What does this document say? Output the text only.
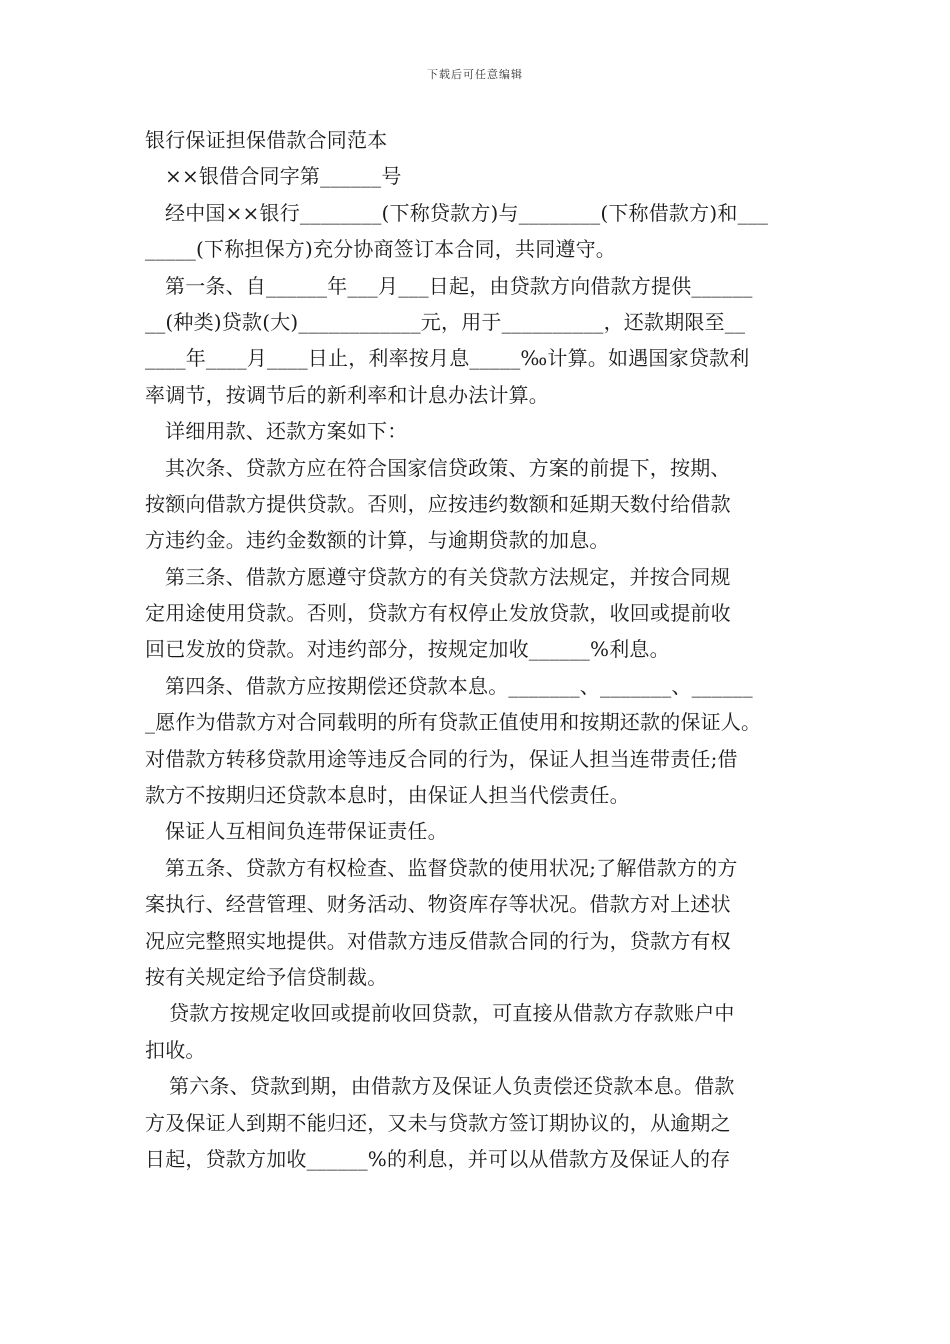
下载后可任意编辑
银行保证担保借款合同范本
××银借合同字第______号
经中国××银行________(下称贷款方)与________(下称借款方)和___
_____(下称担保方)充分协商签订本合同，共同遵守。
第一条、自______年___月___日起，由贷款方向借款方提供______
__(种类)贷款(大)____________元，用于__________，还款期限至__
____年____月____日止，利率按月息_____‰计算。如遇国家贷款利
率调节，按调节后的新利率和计息办法计算。
详细用款、还款方案如下：
其次条、贷款方应在符合国家信贷政策、方案的前提下，按期、
按额向借款方提供贷款。否则，应按违约数额和延期天数付给借款
方违约金。违约金数额的计算，与逾期贷款的加息。
第三条、借款方愿遵守贷款方的有关贷款方法规定，并按合同规
定用途使用贷款。否则，贷款方有权停止发放贷款，收回或提前收
回已发放的贷款。对违约部分，按规定加收______%利息。
第四条、借款方应按期偿还贷款本息。_______、_______、______
_愿作为借款方对合同载明的所有贷款正值使用和按期还款的保证人。
对借款方转移贷款用途等违反合同的行为，保证人担当连带责任;借
款方不按期归还贷款本息时，由保证人担当代偿责任。
保证人互相间负连带保证责任。
第五条、贷款方有权检查、监督贷款的使用状况;了解借款方的方
案执行、经营管理、财务活动、物资库存等状况。借款方对上述状
况应完整照实地提供。对借款方违反借款合同的行为，贷款方有权
按有关规定给予信贷制裁。
贷款方按规定收回或提前收回贷款，可直接从借款方存款账户中
扣收。
第六条、贷款到期，由借款方及保证人负责偿还贷款本息。借款
方及保证人到期不能归还，又未与贷款方签订期协议的，从逾期之
日起，贷款方加收______%的利息，并可以从借款方及保证人的存
